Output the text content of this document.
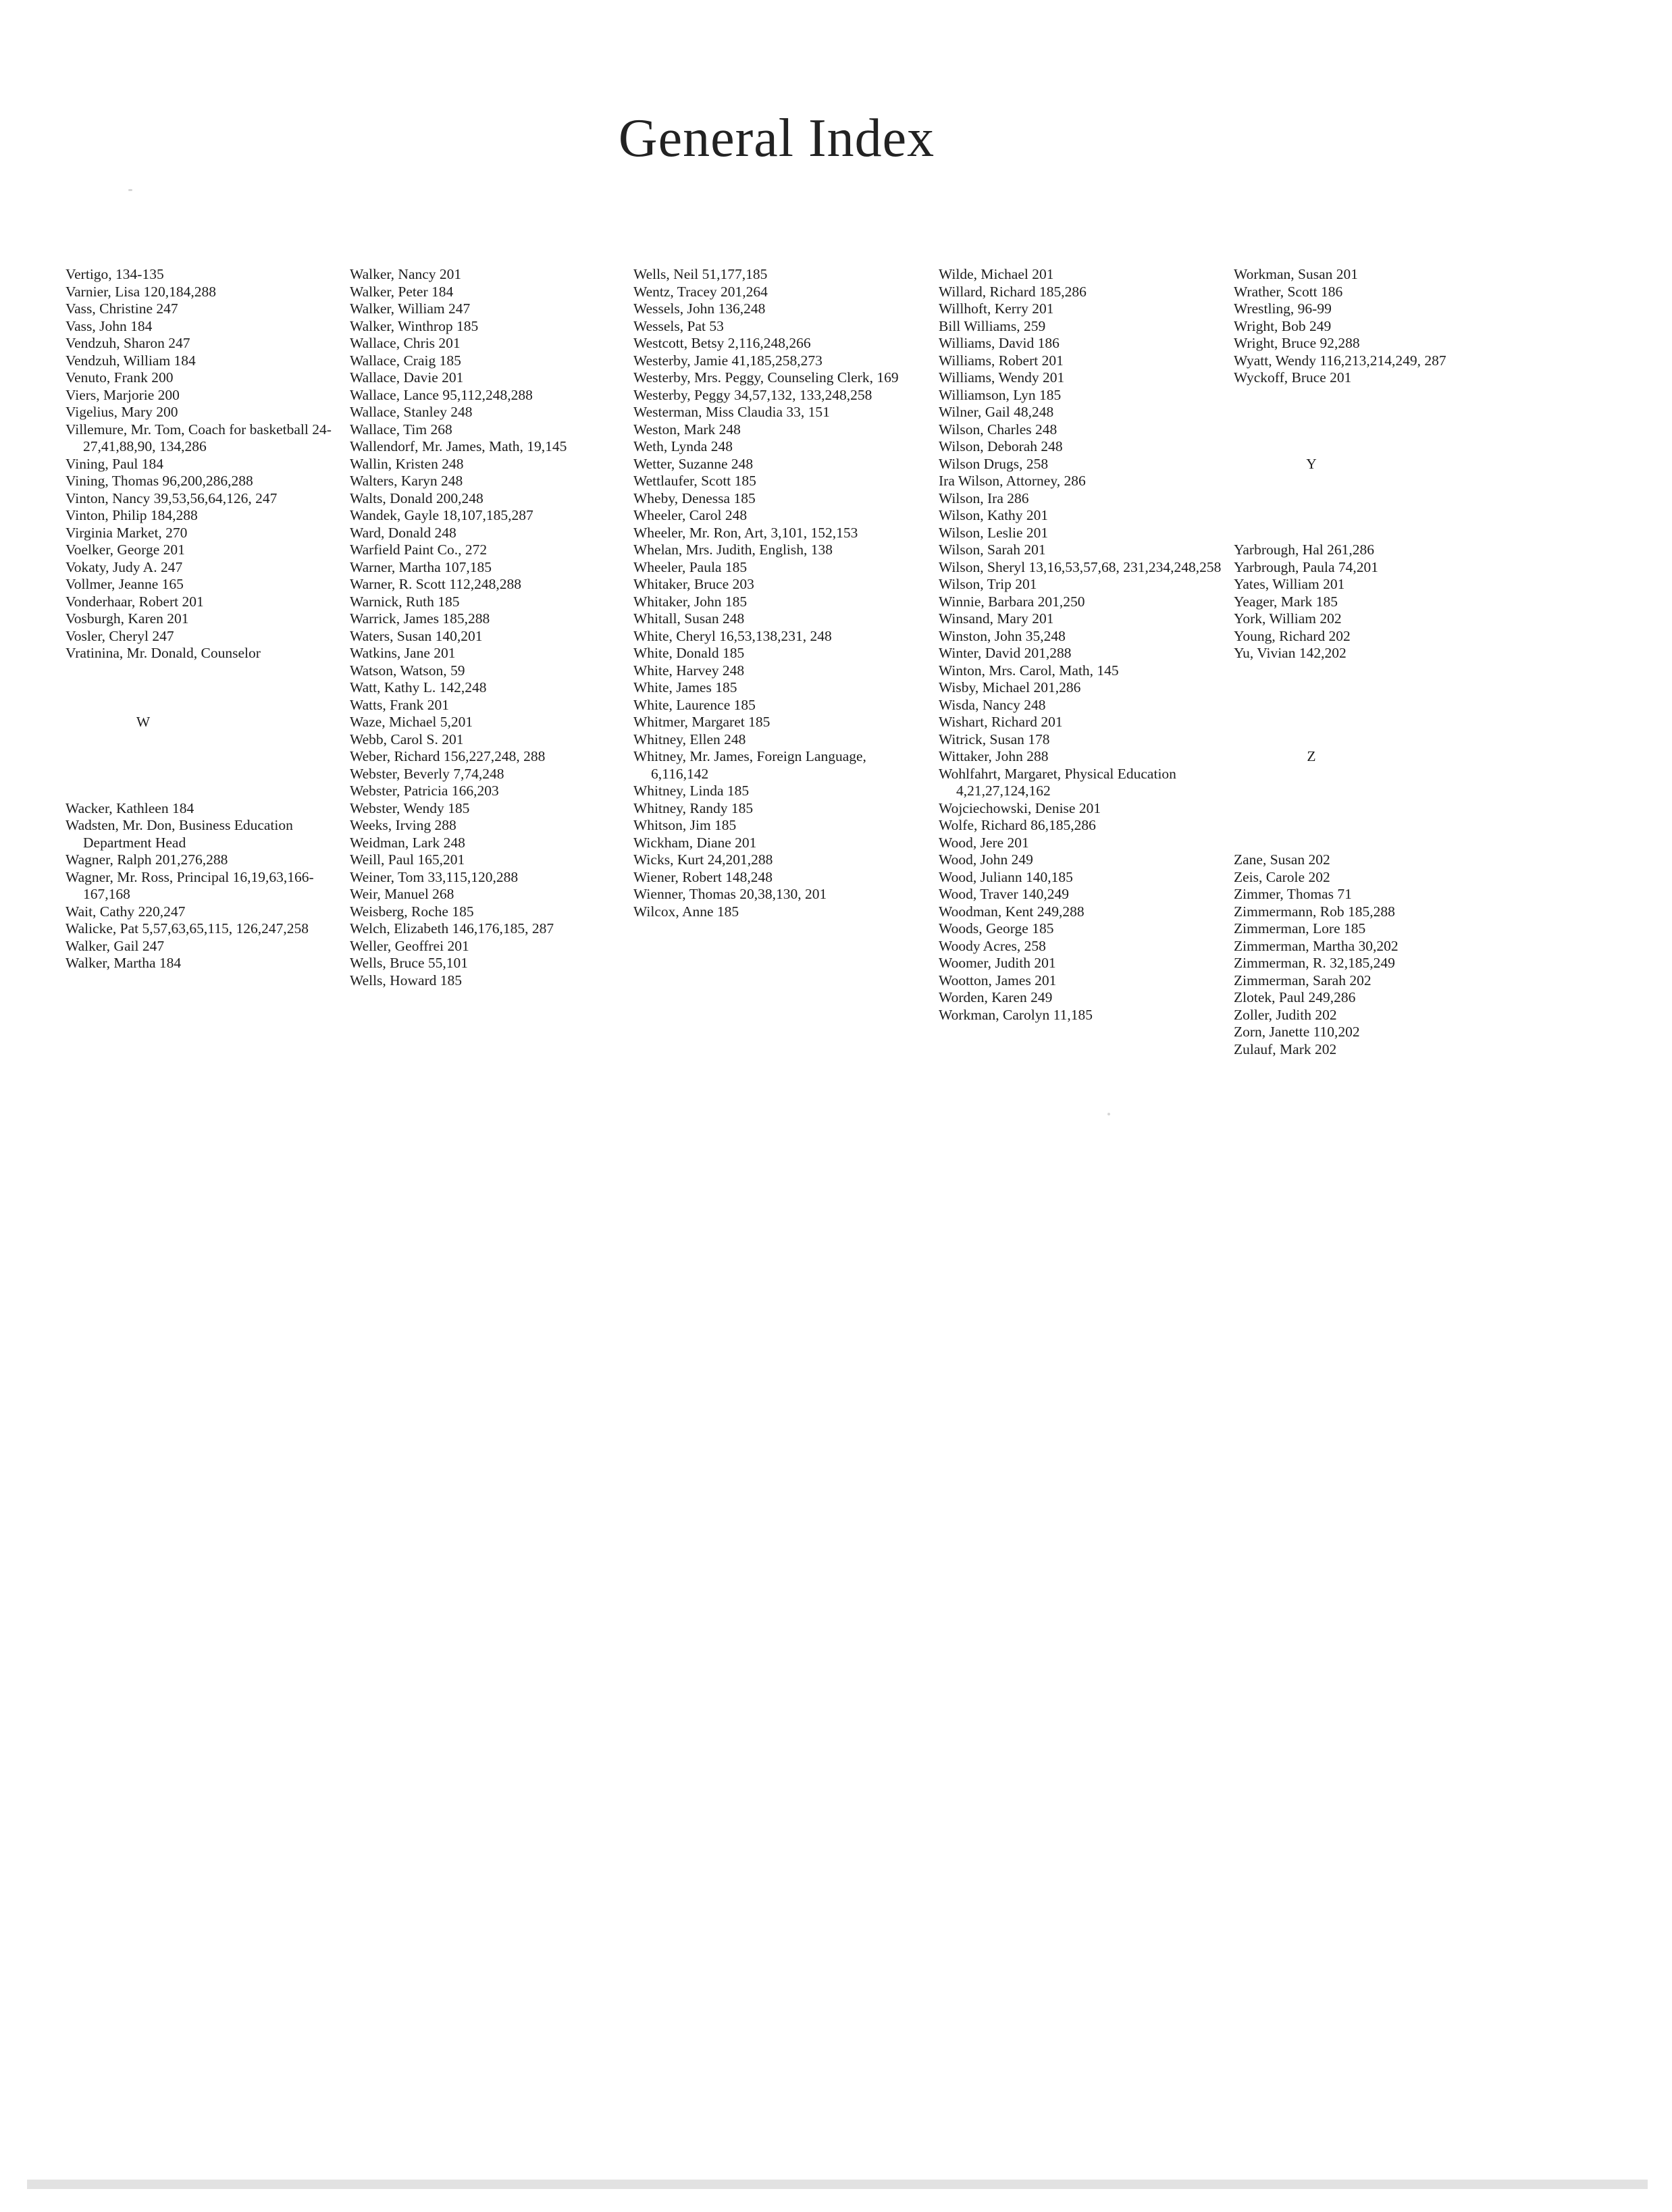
General Index
Vertigo, 134-135
Varnier, Lisa 120,184,288
Vass, Christine 247
Vass, John 184
Vendzuh, Sharon 247
Vendzuh, William 184
Venuto, Frank 200
Viers, Marjorie 200
Vigelius, Mary 200
Villemure, Mr. Tom, Coach for basketball 24-27,41,88,90, 134,286
Vining, Paul 184
Vining, Thomas 96,200,286,288
Vinton, Nancy 39,53,56,64,126, 247
Vinton, Philip 184,288
Virginia Market, 270
Voelker, George 201
Vokaty, Judy A. 247
Vollmer, Jeanne 165
Vonderhaar, Robert 201
Vosburgh, Karen 201
Vosler, Cheryl 247
Vratinina, Mr. Donald, Counselor
W
Wacker, Kathleen 184
Wadsten, Mr. Don, Business Education Department Head
Wagner, Ralph 201,276,288
Wagner, Mr. Ross, Principal 16,19,63,166-167,168
Wait, Cathy 220,247
Walicke, Pat 5,57,63,65,115, 126,247,258
Walker, Gail 247
Walker, Martha 184
Walker, Nancy 201
Walker, Peter 184
Walker, William 247
Walker, Winthrop 185
Wallace, Chris 201
Wallace, Craig 185
Wallace, Davie 201
Wallace, Lance 95,112,248,288
Wallace, Stanley 248
Wallace, Tim 268
Wallendorf, Mr. James, Math, 19,145
Wallin, Kristen 248
Walters, Karyn 248
Walts, Donald 200,248
Wandek, Gayle 18,107,185,287
Ward, Donald 248
Warfield Paint Co., 272
Warner, Martha 107,185
Warner, R. Scott 112,248,288
Warnick, Ruth 185
Warrick, James 185,288
Waters, Susan 140,201
Watkins, Jane 201
Watson, Watson, 59
Watt, Kathy L. 142,248
Watts, Frank 201
Waze, Michael 5,201
Webb, Carol S. 201
Weber, Richard 156,227,248, 288
Webster, Beverly 7,74,248
Webster, Patricia 166,203
Webster, Wendy 185
Weeks, Irving 288
Weidman, Lark 248
Weill, Paul 165,201
Weiner, Tom 33,115,120,288
Weir, Manuel 268
Weisberg, Roche 185
Welch, Elizabeth 146,176,185, 287
Weller, Geoffrei 201
Wells, Bruce 55,101
Wells, Howard 185
Wells, Neil 51,177,185
Wentz, Tracey 201,264
Wessels, John 136,248
Wessels, Pat 53
Westcott, Betsy 2,116,248,266
Westerby, Jamie 41,185,258,273
Westerby, Mrs. Peggy, Counseling Clerk, 169
Westerby, Peggy 34,57,132, 133,248,258
Westerman, Miss Claudia 33, 151
Weston, Mark 248
Weth, Lynda 248
Wetter, Suzanne 248
Wettlaufer, Scott 185
Wheby, Denessa 185
Wheeler, Carol 248
Wheeler, Mr. Ron, Art, 3,101, 152,153
Whelan, Mrs. Judith, English, 138
Wheeler, Paula 185
Whitaker, Bruce 203
Whitaker, John 185
Whitall, Susan 248
White, Cheryl 16,53,138,231, 248
White, Donald 185
White, Harvey 248
White, James 185
White, Laurence 185
Whitmer, Margaret 185
Whitney, Ellen 248
Whitney, Mr. James, Foreign Language, 6,116,142
Whitney, Linda 185
Whitney, Randy 185
Whitson, Jim 185
Wickham, Diane 201
Wicks, Kurt 24,201,288
Wiener, Robert 148,248
Wienner, Thomas 20,38,130, 201
Wilcox, Anne 185
Wilde, Michael 201
Willard, Richard 185,286
Willhoft, Kerry 201
Bill Williams, 259
Williams, David 186
Williams, Robert 201
Williams, Wendy 201
Williamson, Lyn 185
Wilner, Gail 48,248
Wilson, Charles 248
Wilson, Deborah 248
Wilson Drugs, 258
Ira Wilson, Attorney, 286
Wilson, Ira 286
Wilson, Kathy 201
Wilson, Leslie 201
Wilson, Sarah 201
Wilson, Sheryl 13,16,53,57,68, 231,234,248,258
Wilson, Trip 201
Winnie, Barbara 201,250
Winsand, Mary 201
Winston, John 35,248
Winter, David 201,288
Winton, Mrs. Carol, Math, 145
Wisby, Michael 201,286
Wisda, Nancy 248
Wishart, Richard 201
Witrick, Susan 178
Wittaker, John 288
Wohlfahrt, Margaret, Physical Education 4,21,27,124,162
Wojciechowski, Denise 201
Wolfe, Richard 86,185,286
Wood, Jere 201
Wood, John 249
Wood, Juliann 140,185
Wood, Traver 140,249
Woodman, Kent 249,288
Woods, George 185
Woody Acres, 258
Woomer, Judith 201
Wootton, James 201
Worden, Karen 249
Workman, Carolyn 11,185
Workman, Susan 201
Wrather, Scott 186
Wrestling, 96-99
Wright, Bob 249
Wright, Bruce 92,288
Wyatt, Wendy 116,213,214,249, 287
Wyckoff, Bruce 201
Y
Yarbrough, Hal 261,286
Yarbrough, Paula 74,201
Yates, William 201
Yeager, Mark 185
York, William 202
Young, Richard 202
Yu, Vivian 142,202
Z
Zane, Susan 202
Zeis, Carole 202
Zimmer, Thomas 71
Zimmermann, Rob 185,288
Zimmerman, Lore 185
Zimmerman, Martha 30,202
Zimmerman, R. 32,185,249
Zimmerman, Sarah 202
Zlotek, Paul 249,286
Zoller, Judith 202
Zorn, Janette 110,202
Zulauf, Mark 202
